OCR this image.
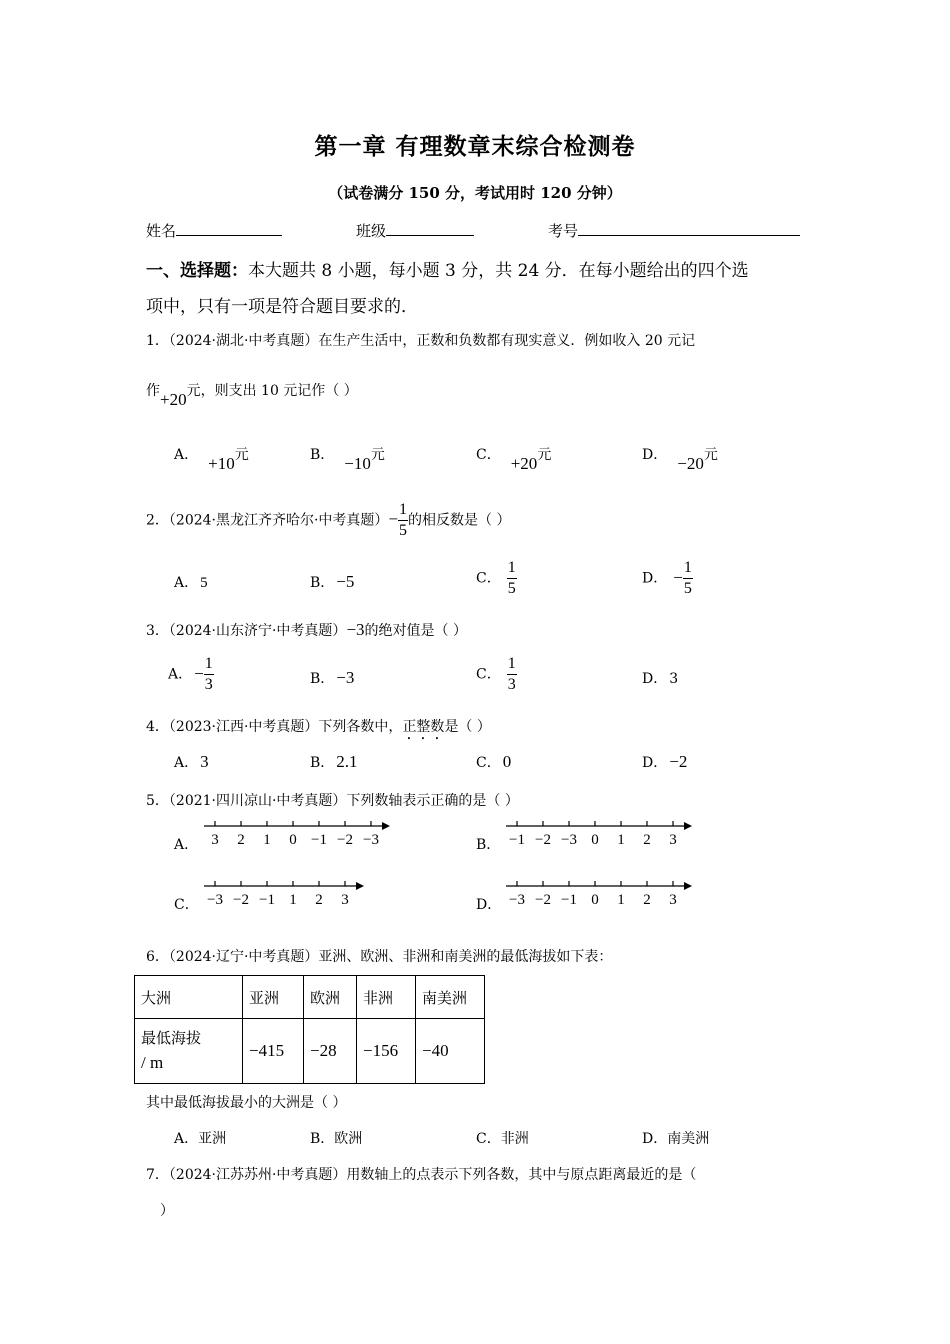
第一章 有理数章末综合检测卷
（试卷满分 150 分，考试用时 120 分钟）
姓名	班级	考号
一、选择题：本大题共 8 小题，每小题 3 分，共 24 分．在每小题给出的四个选
项中，只有一项是符合题目要求的．
1．（2024·湖北·中考真题）在生产生活中，正数和负数都有现实意义．例如收入 20 元记
作+20元，则支出 10 元记作（ ）
A． +10元	B． −10元	C． +20元	D． −20元
2．（2024·黑龙江齐齐哈尔·中考真题）− $\frac{1}{5}$ 的相反数是（ ）
A． 5	B． −5	C． $\frac{1}{5}$	D． − $\frac{1}{5}$
3．（2024·山东济宁·中考真题）−3的绝对值是（ ）
A． − $\frac{1}{3}$	B． −3	C． $\frac{1}{3}$	D． 3
4．（2023·江西·中考真题）下列各数中，正整数是（ ）
A． 3	B． 2.1	C． 0	D． −2
5．（2021·四川凉山·中考真题）下列数轴表示正确的是（ ）
A． 3 2 1 0 −1 −2 −3	B． −1 −2 −3 0 1 2 3
C． −3 −2 −1 1 2 3	D． −3 −2 −1 0 1 2 3
6．（2024·辽宁·中考真题）亚洲、欧洲、非洲和南美洲的最低海拔如下表：
大洲	亚洲	欧洲	非洲	南美洲
最低海拔
/ m	−415	−28	−156	−40
其中最低海拔最小的大洲是（ ）
A．亚洲	B．欧洲	C．非洲	D．南美洲
7．（2024·江苏苏州·中考真题）用数轴上的点表示下列各数，其中与原点距离最近的是（
）
